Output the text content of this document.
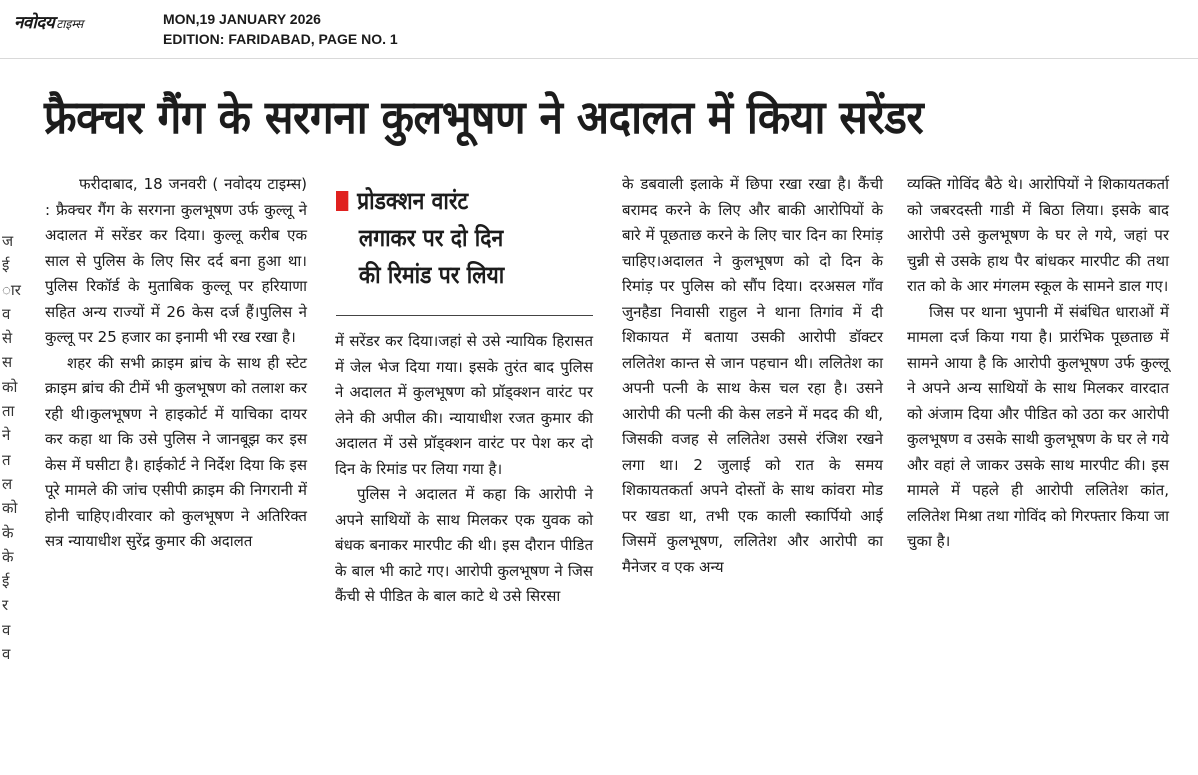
नवोदय टाइम्स	MON,19 JANUARY 2026
EDITION: FARIDABAD, PAGE NO. 1
फ्रैक्चर गैंग के सरगना कुलभूषण ने अदालत में किया सरेंडर
ज
ई
ार
व
से
स
को
ता
ने
त
ल
को
के
के
ई
र
व
व

फरीदाबाद, 18 जनवरी ( नवोदय टाइम्स) : फ्रैक्चर गैंग के सरगना कुलभूषण उर्फ कुल्लू ने अदालत में सरेंडर कर दिया। कुल्लू करीब एक साल से पुलिस के लिए सिर दर्द बना हुआ था। पुलिस रिकॉर्ड के मुताबिक कुल्लू पर हरियाणा सहित अन्य राज्यों में 26 केस दर्ज हैं।पुलिस ने कुल्लू पर 25 हजार का इनामी भी रख रखा है।

शहर की सभी क्राइम ब्रांच के साथ ही स्टेट क्राइम ब्रांच की टीमें भी कुलभूषण को तलाश कर रही थी।कुलभूषण ने हाइकोर्ट में याचिका दायर कर कहा था कि उसे पुलिस ने जानबूझ कर इस केस में घसीटा है। हाईकोर्ट ने निर्देश दिया कि इस पूरे मामले की जांच एसीपी क्राइम की निगरानी में होनी चाहिए।वीरवार को कुलभूषण ने अतिरिक्त सत्र न्यायाधीश सुरेंद्र कुमार की अदालत

प्रोडक्शन वारंट
लगाकर पर दो दिन
की रिमांड पर लिया

में सरेंडर कर दिया।जहां से उसे न्यायिक हिरासत में जेल भेज दिया गया। इसके तुरंत बाद पुलिस ने अदालत में कुलभूषण को प्रॉड्क्शन वारंट पर लेने की अपील की। न्यायाधीश रजत कुमार की अदालत में उसे प्रॉड्क्शन वारंट पर पेश कर दो दिन के रिमांड पर लिया गया है।

पुलिस ने अदालत में कहा कि आरोपी ने अपने साथियों के साथ मिलकर एक युवक को बंधक बनाकर मारपीट की थी। इस दौरान पीडित के बाल भी काटे गए। आरोपी कुलभूषण ने जिस कैंची से पीडित के बाल काटे थे उसे सिरसा

के डबवाली इलाके में छिपा रखा रखा है। कैंची बरामद करने के लिए और बाकी आरोपियों के बारे में पूछताछ करने के लिए चार दिन का रिमांड़ चाहिए।अदालत ने कुलभूषण को दो दिन के रिमांड़ पर पुलिस को सौंप दिया। दरअसल गाँव जुनहैडा निवासी राहुल ने थाना तिगांव में दी शिकायत में बताया उसकी आरोपी डॉक्टर ललितेश कान्त से जान पहचान थी। ललितेश का अपनी पत्नी के साथ केस चल रहा है। उसने आरोपी की पत्नी की केस लडने में मदद की थी, जिसकी वजह से ललितेश उससे रंजिश रखने लगा था। 2 जुलाई को रात के समय शिकायतकर्ता अपने दोस्तों के साथ कांवरा मोड पर खडा था, तभी एक काली स्कार्पियो आई जिसमें कुलभूषण, ललितेश और आरोपी का मैनेजर व एक अन्य

व्यक्ति गोविंद बैठे थे। आरोपियों ने शिकायतकर्ता को जबरदस्ती गाडी में बिठा लिया। इसके बाद आरोपी उसे कुलभूषण के घर ले गये, जहां पर चुन्नी से उसके हाथ पैर बांधकर मारपीट की तथा रात को के आर मंगलम स्कूल के सामने डाल गए।

जिस पर थाना भुपानी में संबंधित धाराओं में मामला दर्ज किया गया है। प्रारंभिक पूछताछ में सामने आया है कि आरोपी कुलभूषण उर्फ कुल्लू ने अपने अन्य साथियों के साथ मिलकर वारदात को अंजाम दिया और पीडित को उठा कर आरोपी कुलभूषण व उसके साथी कुलभूषण के घर ले गये और वहां ले जाकर उसके साथ मारपीट की। इस मामले में पहले ही आरोपी ललितेश कांत, ललितेश मिश्रा तथा गोविंद को गिरफ्तार किया जा चुका है।
